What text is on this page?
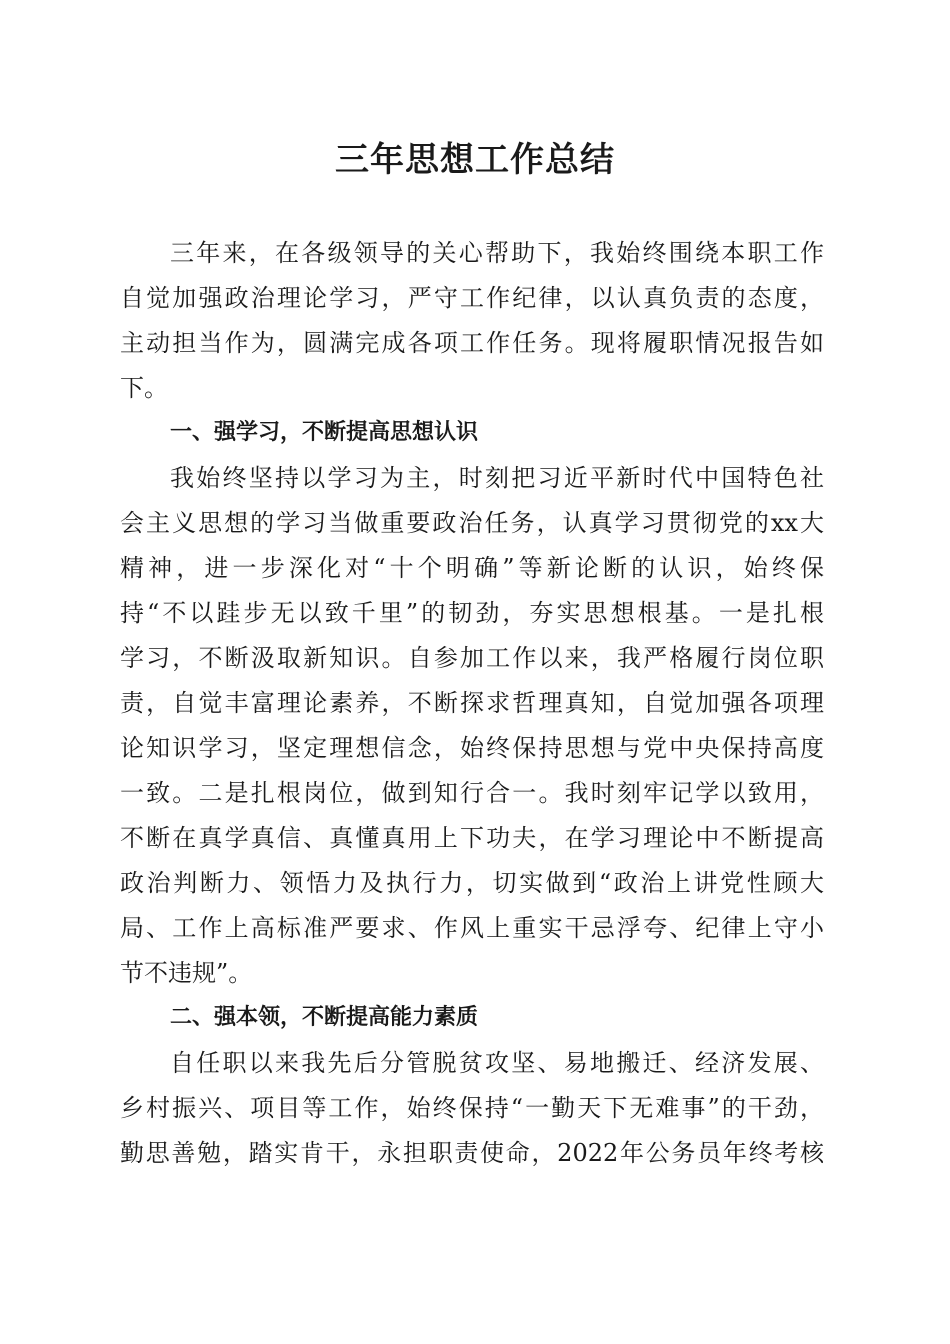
三年思想工作总结
三年来，在各级领导的关心帮助下，我始终围绕本职工作
自觉加强政治理论学习，严守工作纪律，以认真负责的态度，
主动担当作为，圆满完成各项工作任务。现将履职情况报告如
下。
一、强学习，不断提高思想认识
我始终坚持以学习为主，时刻把习近平新时代中国特色社
会主义思想的学习当做重要政治任务，认真学习贯彻党的xx大
精神，进一步深化对“十个明确”等新论断的认识，始终保
持“不以跬步无以致千里”的韧劲，夯实思想根基。一是扎根
学习，不断汲取新知识。自参加工作以来，我严格履行岗位职
责，自觉丰富理论素养，不断探求哲理真知，自觉加强各项理
论知识学习，坚定理想信念，始终保持思想与党中央保持高度
一致。二是扎根岗位，做到知行合一。我时刻牢记学以致用，
不断在真学真信、真懂真用上下功夫，在学习理论中不断提高
政治判断力、领悟力及执行力，切实做到“政治上讲党性顾大
局、工作上高标准严要求、作风上重实干忌浮夸、纪律上守小
节不违规”。
二、强本领，不断提高能力素质
自任职以来我先后分管脱贫攻坚、易地搬迁、经济发展、
乡村振兴、项目等工作，始终保持“一勤天下无难事”的干劲，
勤思善勉，踏实肯干，永担职责使命，2022年公务员年终考核
